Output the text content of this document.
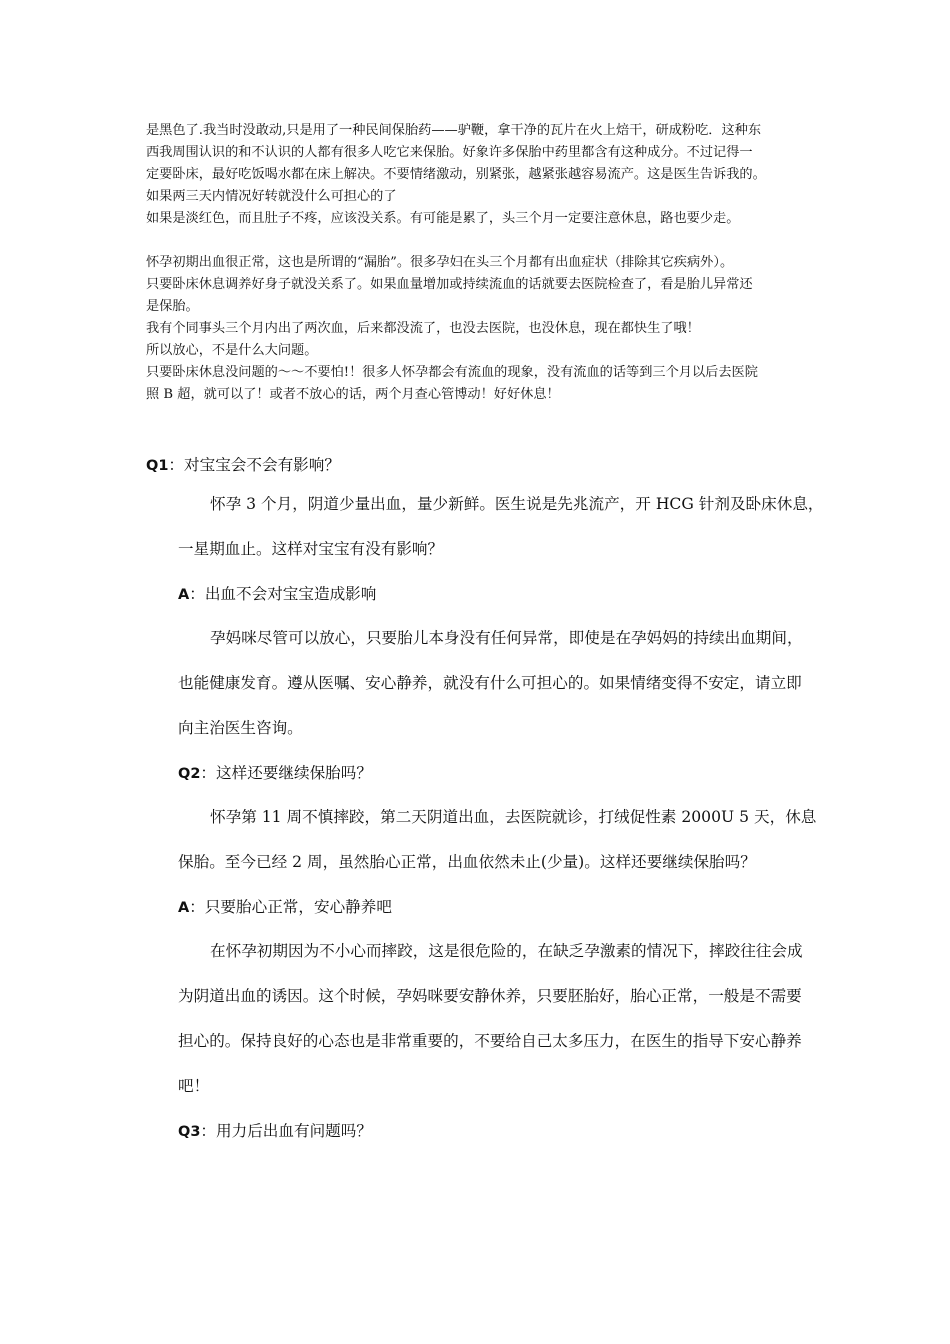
是黑色了.我当时没敢动,只是用了一种民间保胎药——驴鞭，拿干净的瓦片在火上焙干，研成粉吃．这种东

西我周围认识的和不认识的人都有很多人吃它来保胎。好象许多保胎中药里都含有这种成分。不过记得一

定要卧床，最好吃饭喝水都在床上解决。不要情绪激动，别紧张，越紧张越容易流产。这是医生告诉我的。

如果两三天内情况好转就没什么可担心的了

如果是淡红色，而且肚子不疼，应该没关系。有可能是累了，头三个月一定要注意休息，路也要少走。

怀孕初期出血很正常，这也是所谓的“漏胎”。很多孕妇在头三个月都有出血症状（排除其它疾病外）。

只要卧床休息调养好身子就没关系了。如果血量增加或持续流血的话就要去医院检查了，看是胎儿异常还

是保胎。

我有个同事头三个月内出了两次血，后来都没流了，也没去医院，也没休息，现在都快生了哦！

所以放心，不是什么大问题。

只要卧床休息没问题的～～不要怕!！很多人怀孕都会有流血的现象，没有流血的话等到三个月以后去医院

照 B 超，就可以了！或者不放心的话，两个月查心管博动！好好休息！

Q1：对宝宝会不会有影响？

怀孕 3 个月，阴道少量出血，量少新鲜。医生说是先兆流产，开 HCG 针剂及卧床休息，
一星期血止。这样对宝宝有没有影响？

A：出血不会对宝宝造成影响

孕妈咪尽管可以放心，只要胎儿本身没有任何异常，即使是在孕妈妈的持续出血期间，
也能健康发育。遵从医嘱、安心静养，就没有什么可担心的。如果情绪变得不安定，请立即
向主治医生咨询。

Q2：这样还要继续保胎吗？

怀孕第 11 周不慎摔跤，第二天阴道出血，去医院就诊，打绒促性素 2000U 5 天，休息
保胎。至今已经 2 周，虽然胎心正常，出血依然未止(少量)。这样还要继续保胎吗？

A：只要胎心正常，安心静养吧

在怀孕初期因为不小心而摔跤，这是很危险的，在缺乏孕激素的情况下，摔跤往往会成
为阴道出血的诱因。这个时候，孕妈咪要安静休养，只要胚胎好，胎心正常，一般是不需要
担心的。保持良好的心态也是非常重要的，不要给自己太多压力，在医生的指导下安心静养
吧！

Q3：用力后出血有问题吗？
